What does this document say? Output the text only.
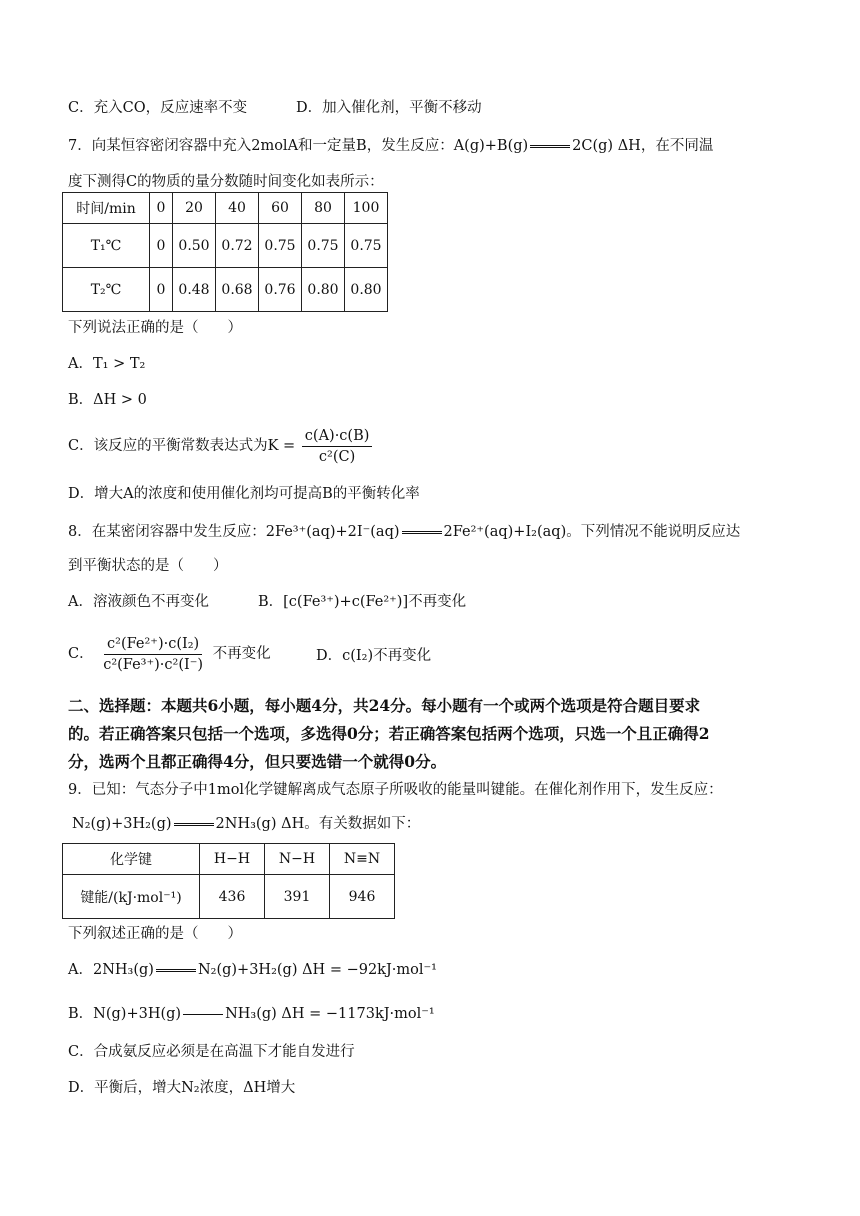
C．充入CO，反应速率不变	D．加入催化剂，平衡不移动
7．向某恒容密闭容器中充入2molA和一定量B，发生反应：A(g)+B(g)	2C(g) ΔH，在不同温
度下测得C的物质的量分数随时间变化如表所示：
时间/min	0	20	40	60	80	100
T₁℃	0	0.50	0.72	0.75	0.75	0.75
T₂℃	0	0.48	0.68	0.76	0.80	0.80
下列说法正确的是（　　）
A．T₁ > T₂
B．ΔH > 0
C．该反应的平衡常数表达式为$K = \frac{c(A)\cdot c(B)}{\text{c²(C)}}$
D．增大A的浓度和使用催化剂均可提高B的平衡转化率
8．在某密闭容器中发生反应：2Fe³⁺(aq)+2I⁻(aq)	2Fe²⁺(aq)+I₂(aq)。下列情况不能说明反应达
到平衡状态的是（　　）
A．溶液颜色不再变化	B．[c(Fe³⁺)+c(Fe²⁺)]不再变化
C． $\frac{\text{c²(Fe²⁺)·c(I₂)}}{\text{c²(Fe³⁺)·c²(I⁻)}}$ 不再变化	D．c(I₂)不再变化
二、选择题：本题共6小题，每小题4分，共24分。每小题有一个或两个选项是符合题目要求
的。若正确答案只包括一个选项，多选得0分；若正确答案包括两个选项，只选一个且正确得2
分，选两个且都正确得4分，但只要选错一个就得0分。
9．已知：气态分子中1mol化学键解离成气态原子所吸收的能量叫键能。在催化剂作用下，发生反应：
N₂(g)+3H₂(g)	2NH₃(g) ΔH。有关数据如下：
化学键	H−H	N−H	N≡N
键能/(kJ·mol⁻¹)	436	391	946
下列叙述正确的是（　　）
A．2NH₃(g)	N₂(g)+3H₂(g) ΔH = −92kJ·mol⁻¹
B．N(g)+3H(g)	NH₃(g) ΔH = −1173kJ·mol⁻¹
C．合成氨反应必须是在高温下才能自发进行
D．平衡后，增大N₂浓度，ΔH增大
